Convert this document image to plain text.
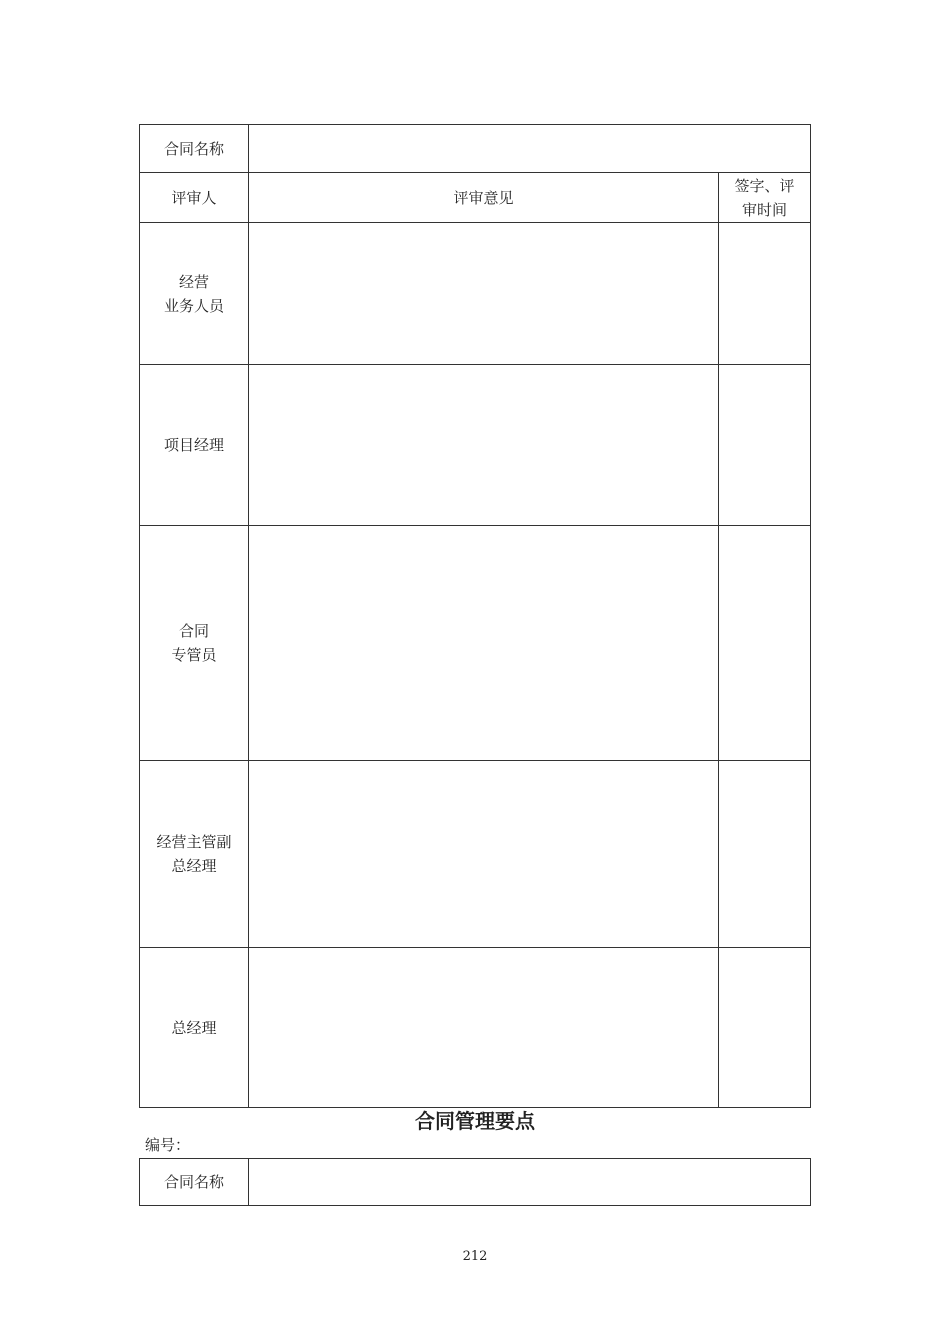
合同名称		
评审人	评审意见	签字、评
审时间

经营
业务人员		

项目经理		

合同
专管员		

经营主管副
总经理		

总经理		

合同管理要点
编号：
合同名称	
212
